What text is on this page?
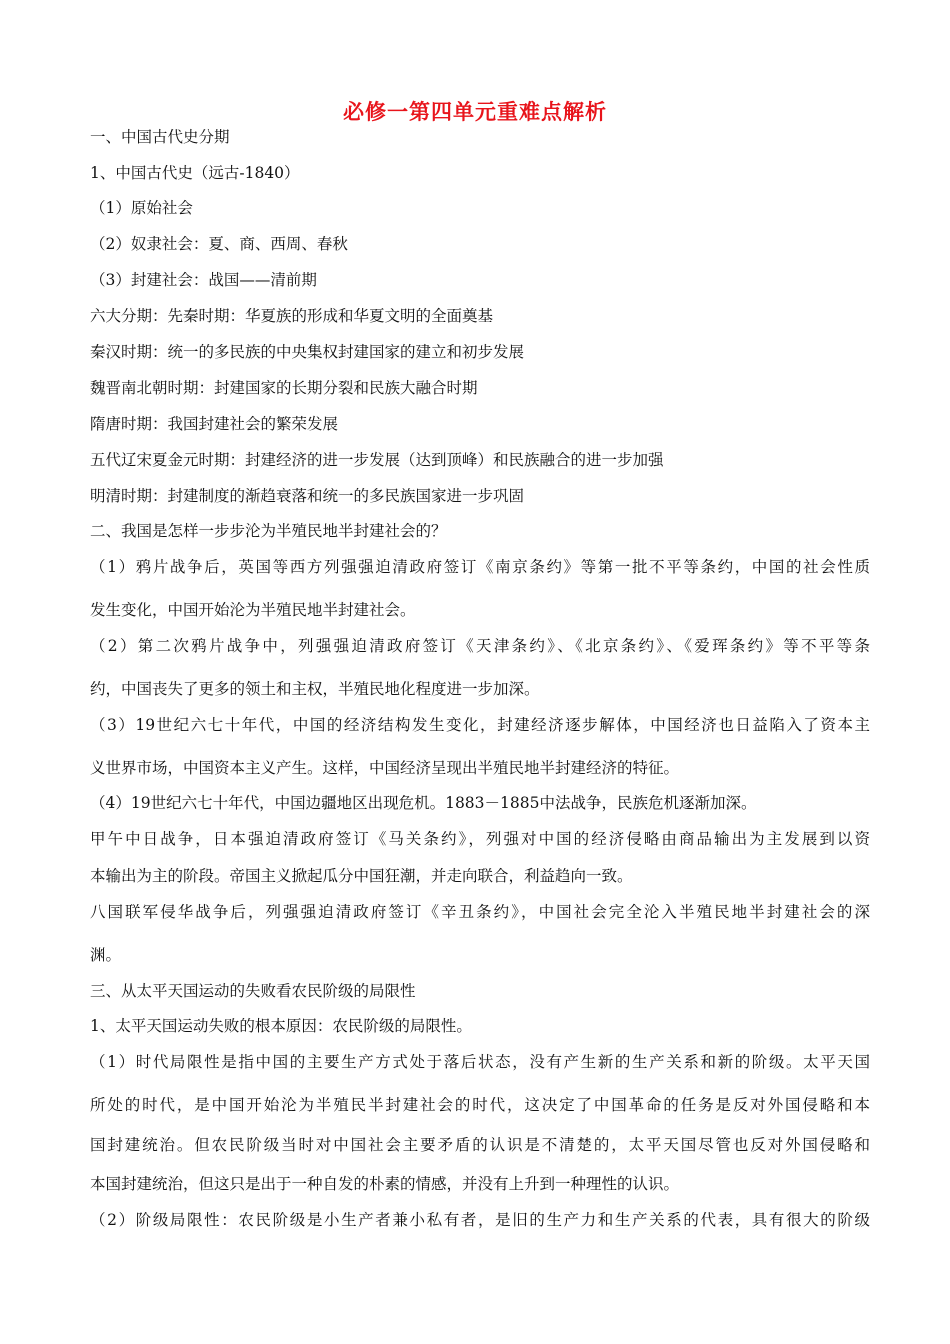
必修一第四单元重难点解析
一、中国古代史分期
1、中国古代史（远古-1840）
（1）原始社会
（2）奴隶社会：夏、商、西周、春秋
（3）封建社会：战国——清前期
六大分期：先秦时期：华夏族的形成和华夏文明的全面奠基
秦汉时期：统一的多民族的中央集权封建国家的建立和初步发展
魏晋南北朝时期：封建国家的长期分裂和民族大融合时期
隋唐时期：我国封建社会的繁荣发展
五代辽宋夏金元时期：封建经济的进一步发展（达到顶峰）和民族融合的进一步加强
明清时期：封建制度的渐趋衰落和统一的多民族国家进一步巩固
二、我国是怎样一步步沦为半殖民地半封建社会的？
（1）鸦片战争后，英国等西方列强强迫清政府签订《南京条约》等第一批不平等条约，中国的社会性质
发生变化，中国开始沦为半殖民地半封建社会。
（2）第二次鸦片战争中，列强强迫清政府签订《天津条约》、《北京条约》、《爱珲条约》等不平等条
约，中国丧失了更多的领土和主权，半殖民地化程度进一步加深。
（3）19世纪六七十年代，中国的经济结构发生变化，封建经济逐步解体，中国经济也日益陷入了资本主
义世界市场，中国资本主义产生。这样，中国经济呈现出半殖民地半封建经济的特征。
（4）19世纪六七十年代，中国边疆地区出现危机。1883－1885中法战争，民族危机逐渐加深。
甲午中日战争，日本强迫清政府签订《马关条约》，列强对中国的经济侵略由商品输出为主发展到以资
本输出为主的阶段。帝国主义掀起瓜分中国狂潮，并走向联合，利益趋向一致。
八国联军侵华战争后，列强强迫清政府签订《辛丑条约》，中国社会完全沦入半殖民地半封建社会的深
渊。
三、从太平天国运动的失败看农民阶级的局限性
1、太平天国运动失败的根本原因：农民阶级的局限性。
（1）时代局限性是指中国的主要生产方式处于落后状态，没有产生新的生产关系和新的阶级。太平天国
所处的时代，是中国开始沦为半殖民半封建社会的时代，这决定了中国革命的任务是反对外国侵略和本
国封建统治。但农民阶级当时对中国社会主要矛盾的认识是不清楚的，太平天国尽管也反对外国侵略和
本国封建统治，但这只是出于一种自发的朴素的情感，并没有上升到一种理性的认识。
（2）阶级局限性：农民阶级是小生产者兼小私有者，是旧的生产力和生产关系的代表，具有很大的阶级
